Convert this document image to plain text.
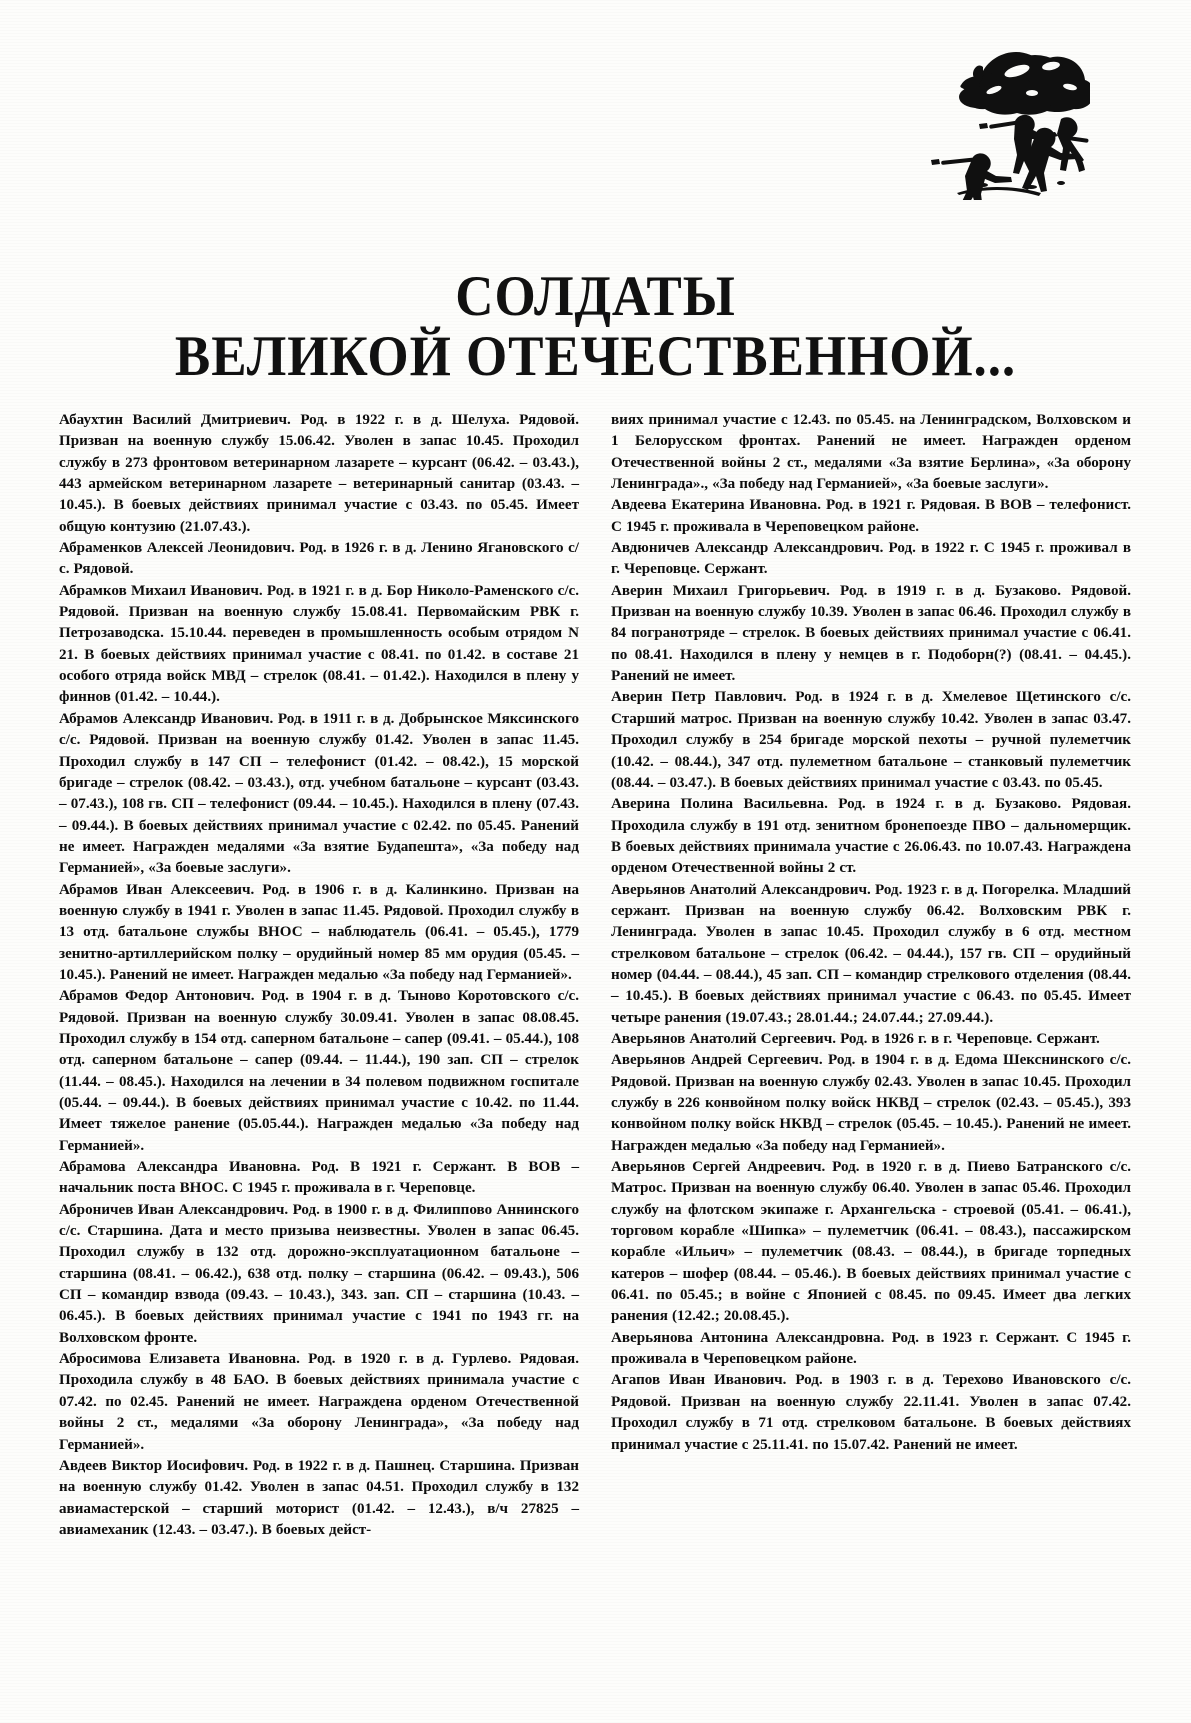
СОЛДАТЫ
ВЕЛИКОЙ ОТЕЧЕСТВЕННОЙ...

Абаухтин Василий Дмитриевич. Род. в 1922 г. в д. Шелуха. Рядовой. Призван на военную службу 15.06.42. Уволен в запас 10.45. Проходил службу в 273 фронтовом ветеринарном лазарете – курсант (06.42. – 03.43.), 443 армейском ветеринарном лазарете – ветеринарный санитар (03.43. – 10.45.). В боевых действиях принимал участие с 03.43. по 05.45. Имеет общую контузию (21.07.43.).

Абраменков Алексей Леонидович. Род. в 1926 г. в д. Ленино Ягановского с/с. Рядовой.

Абрамков Михаил Иванович. Род. в 1921 г. в д. Бор Николо-Раменского с/с. Рядовой. Призван на военную службу 15.08.41. Первомайским РВК г. Петрозаводска. 15.10.44. переведен в промышленность особым отрядом N 21. В боевых действиях принимал участие с 08.41. по 01.42. в составе 21 особого отряда войск МВД – стрелок (08.41. – 01.42.). Находился в плену у финнов (01.42. – 10.44.).

Абрамов Александр Иванович. Род. в 1911 г. в д. Добрынское Мяксинского с/с. Рядовой. Призван на военную службу 01.42. Уволен в запас 11.45. Проходил службу в 147 СП – телефонист (01.42. – 08.42.), 15 морской бригаде – стрелок (08.42. – 03.43.), отд. учебном батальоне – курсант (03.43. – 07.43.), 108 гв. СП – телефонист (09.44. – 10.45.). Находился в плену (07.43. – 09.44.). В боевых действиях принимал участие с 02.42. по 05.45. Ранений не имеет. Награжден медалями «За взятие Будапешта», «За победу над Германией», «За боевые заслуги».

Абрамов Иван Алексеевич. Род. в 1906 г. в д. Калинкино. Призван на военную службу в 1941 г. Уволен в запас 11.45. Рядовой. Проходил службу в 13 отд. батальоне службы ВНОС – наблюдатель (06.41. – 05.45.), 1779 зенитно-артиллерийском полку – орудийный номер 85 мм орудия (05.45. – 10.45.). Ранений не имеет. Награжден медалью «За победу над Германией».

Абрамов Федор Антонович. Род. в 1904 г. в д. Тыново Коротовского с/с. Рядовой. Призван на военную службу 30.09.41. Уволен в запас 08.08.45. Проходил службу в 154 отд. саперном батальоне – сапер (09.41. – 05.44.), 108 отд. саперном батальоне – сапер (09.44. – 11.44.), 190 зап. СП – стрелок (11.44. – 08.45.). Находился на лечении в 34 полевом подвижном госпитале (05.44. – 09.44.). В боевых действиях принимал участие с 10.42. по 11.44. Имеет тяжелое ранение (05.05.44.). Награжден медалью «За победу над Германией».

Абрамова Александра Ивановна. Род. В 1921 г. Сержант. В ВОВ – начальник поста ВНОС. С 1945 г. проживала в г. Череповце.

Аброничев Иван Александрович. Род. в 1900 г. в д. Филиппово Аннинского с/с. Старшина. Дата и место призыва неизвестны. Уволен в запас 06.45. Проходил службу в 132 отд. дорожно-эксплуатационном батальоне – старшина (08.41. – 06.42.), 638 отд. полку – старшина (06.42. – 09.43.), 506 СП – командир взвода (09.43. – 10.43.), 343. зап. СП – старшина (10.43. – 06.45.). В боевых действиях принимал участие с 1941 по 1943 гг. на Волховском фронте.

Абросимова Елизавета Ивановна. Род. в 1920 г. в д. Гурлево. Рядовая. Проходила службу в 48 БАО. В боевых действиях принимала участие с 07.42. по 02.45. Ранений не имеет. Награждена орденом Отечественной войны 2 ст., медалями «За оборону Ленинграда», «За победу над Германией».

Авдеев Виктор Иосифович. Род. в 1922 г. в д. Пашнец. Старшина. Призван на военную службу 01.42. Уволен в запас 04.51. Проходил службу в 132 авиамастерской – старший моторист (01.42. – 12.43.), в/ч 27825 – авиамеханик (12.43. – 03.47.). В боевых дейст-

виях принимал участие с 12.43. по 05.45. на Ленинградском, Волховском и 1 Белорусском фронтах. Ранений не имеет. Награжден орденом Отечественной войны 2 ст., медалями «За взятие Берлина», «За оборону Ленинграда»., «За победу над Германией», «За боевые заслуги».

Авдеева Екатерина Ивановна. Род. в 1921 г. Рядовая. В ВОВ – телефонист. С 1945 г. проживала в Череповецком районе.

Авдюничев Александр Александрович. Род. в 1922 г. С 1945 г. проживал в г. Череповце. Сержант.

Аверин Михаил Григорьевич. Род. в 1919 г. в д. Бузаково. Рядовой. Призван на военную службу 10.39. Уволен в запас 06.46. Проходил службу в 84 погранотряде – стрелок. В боевых действиях принимал участие с 06.41. по 08.41. Находился в плену у немцев в г. Подоборн(?) (08.41. – 04.45.). Ранений не имеет.

Аверин Петр Павлович. Род. в 1924 г. в д. Хмелевое Щетинского с/с. Старший матрос. Призван на военную службу 10.42. Уволен в запас 03.47. Проходил службу в 254 бригаде морской пехоты – ручной пулеметчик (10.42. – 08.44.), 347 отд. пулеметном батальоне – станковый пулеметчик (08.44. – 03.47.). В боевых действиях принимал участие с 03.43. по 05.45.

Аверина Полина Васильевна. Род. в 1924 г. в д. Бузаково. Рядовая. Проходила службу в 191 отд. зенитном бронепоезде ПВО – дальномерщик. В боевых действиях принимала участие с 26.06.43. по 10.07.43. Награждена орденом Отечественной войны 2 ст.

Аверьянов Анатолий Александрович. Род. 1923 г. в д. Погорелка. Младший сержант. Призван на военную службу 06.42. Волховским РВК г. Ленинграда. Уволен в запас 10.45. Проходил службу в 6 отд. местном стрелковом батальоне – стрелок (06.42. – 04.44.), 157 гв. СП – орудийный номер (04.44. – 08.44.), 45 зап. СП – командир стрелкового отделения (08.44. – 10.45.). В боевых действиях принимал участие с 06.43. по 05.45. Имеет четыре ранения (19.07.43.; 28.01.44.; 24.07.44.; 27.09.44.).

Аверьянов Анатолий Сергеевич. Род. в 1926 г. в г. Череповце. Сержант.

Аверьянов Андрей Сергеевич. Род. в 1904 г. в д. Едома Шекснинского с/с. Рядовой. Призван на военную службу 02.43. Уволен в запас 10.45. Проходил службу в 226 конвойном полку войск НКВД – стрелок (02.43. – 05.45.), 393 конвойном полку войск НКВД – стрелок (05.45. – 10.45.). Ранений не имеет. Награжден медалью «За победу над Германией».

Аверьянов Сергей Андреевич. Род. в 1920 г. в д. Пиево Батранского с/с. Матрос. Призван на военную службу 06.40. Уволен в запас 05.46. Проходил службу на флотском экипаже г. Архангельска - строевой (05.41. – 06.41.), торговом корабле «Шипка» – пулеметчик (06.41. – 08.43.), пассажирском корабле «Ильич» – пулеметчик (08.43. – 08.44.), в бригаде торпедных катеров – шофер (08.44. – 05.46.). В боевых действиях принимал участие с 06.41. по 05.45.; в войне с Японией с 08.45. по 09.45. Имеет два легких ранения (12.42.; 20.08.45.).

Аверьянова Антонина Александровна. Род. в 1923 г. Сержант. С 1945 г. проживала в Череповецком районе.

Агапов Иван Иванович. Род. в 1903 г. в д. Терехово Ивановского с/с. Рядовой. Призван на военную службу 22.11.41. Уволен в запас 07.42. Проходил службу в 71 отд. стрелковом батальоне. В боевых действиях принимал участие с 25.11.41. по 15.07.42. Ранений не имеет.
